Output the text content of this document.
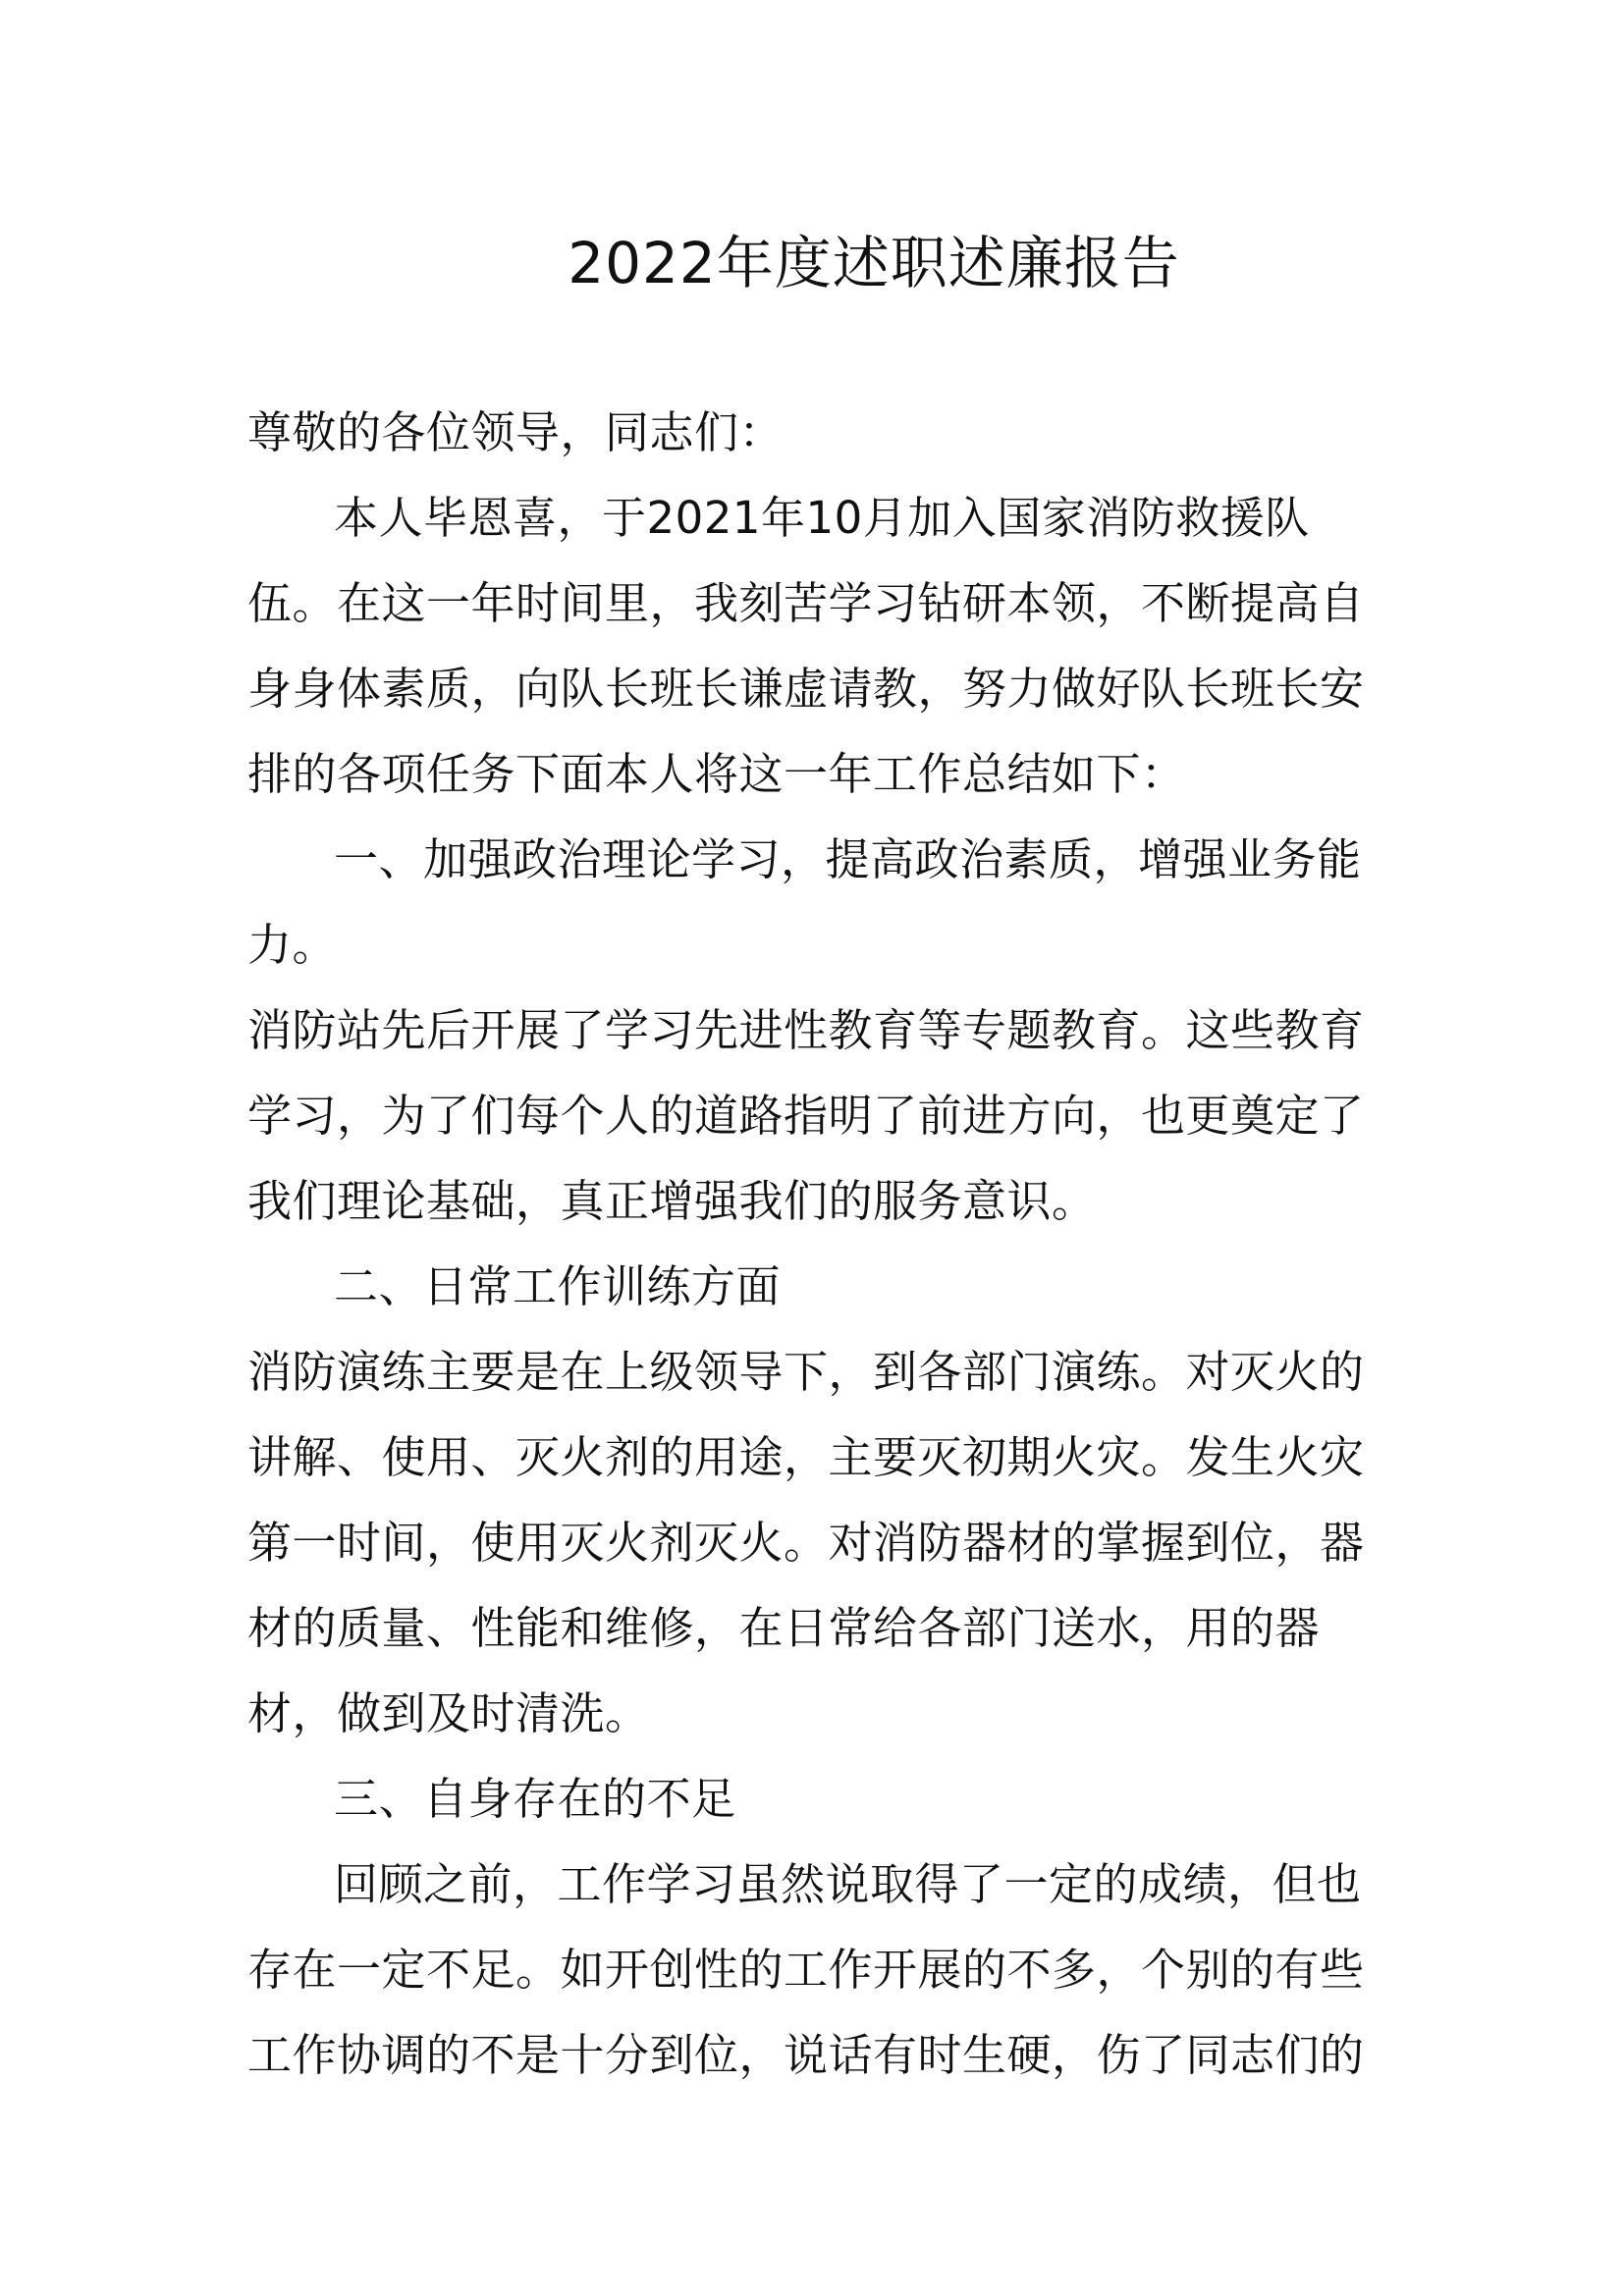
2022年度述职述廉报告
尊敬的各位领导，同志们：
本人毕恩喜，于2021年10月加入国家消防救援队
伍。在这一年时间里，我刻苦学习钻研本领，不断提高自
身身体素质，向队长班长谦虚请教，努力做好队长班长安
排的各项任务下面本人将这一年工作总结如下：
一、加强政治理论学习，提高政治素质，增强业务能
力。
消防站先后开展了学习先进性教育等专题教育。这些教育
学习，为了们每个人的道路指明了前进方向，也更奠定了
我们理论基础，真正增强我们的服务意识。
二、日常工作训练方面
消防演练主要是在上级领导下，到各部门演练。对灭火的
讲解、使用、灭火剂的用途，主要灭初期火灾。发生火灾
第一时间，使用灭火剂灭火。对消防器材的掌握到位，器
材的质量、性能和维修，在日常给各部门送水，用的器
材，做到及时清洗。
三、自身存在的不足
回顾之前，工作学习虽然说取得了一定的成绩，但也
存在一定不足。如开创性的工作开展的不多，个别的有些
工作协调的不是十分到位，说话有时生硬，伤了同志们的
